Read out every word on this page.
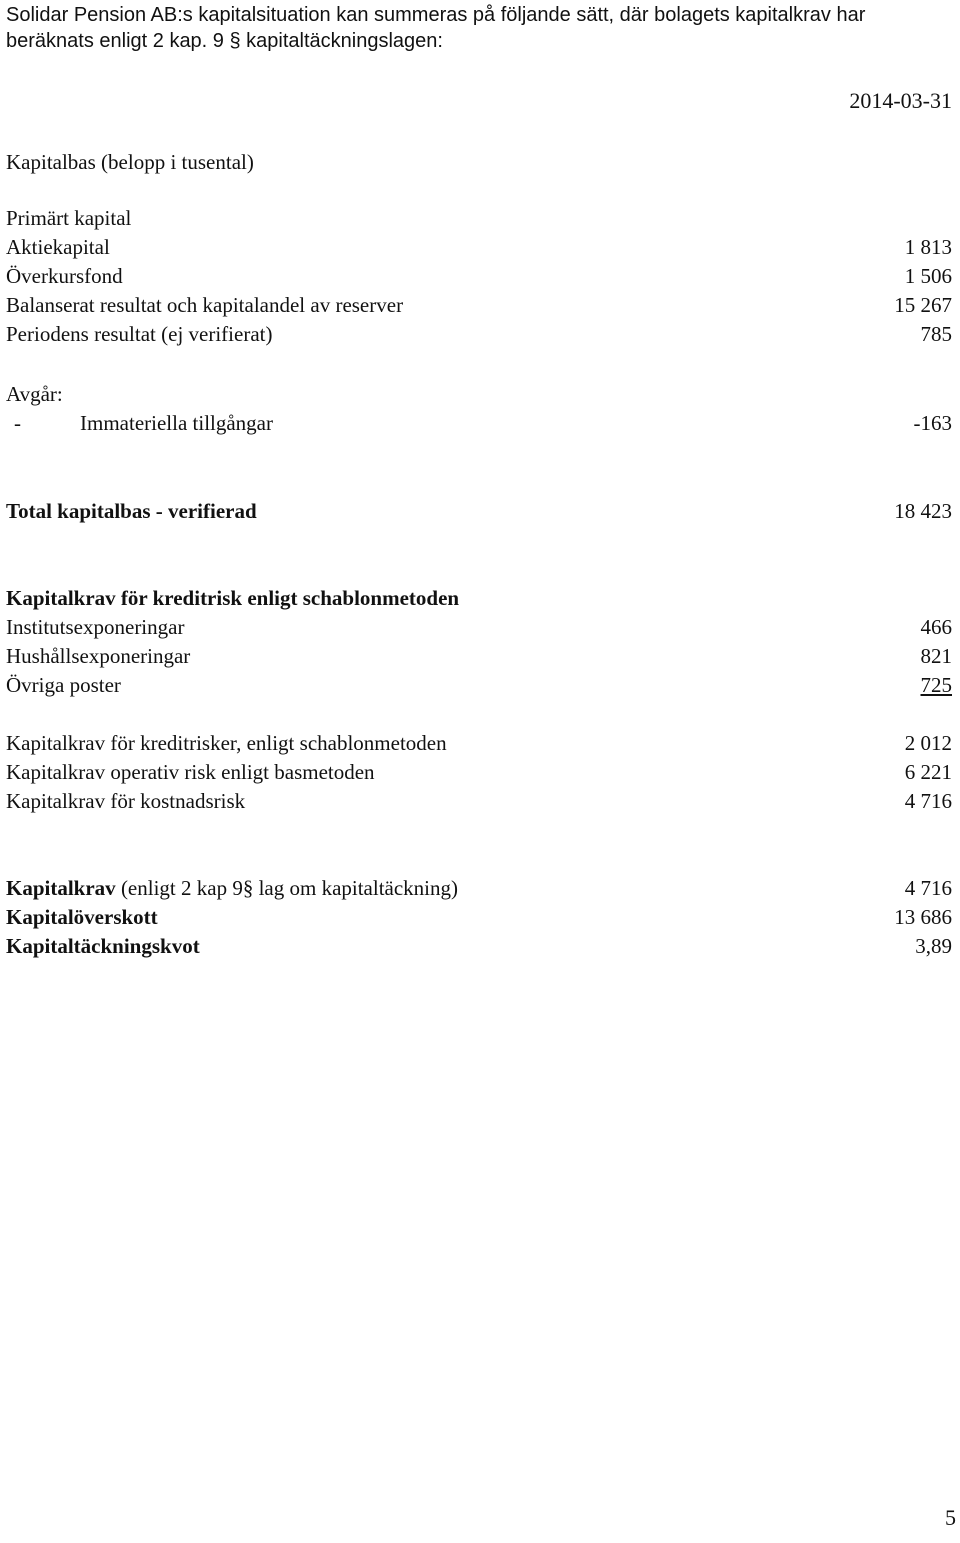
Solidar Pension AB:s kapitalsituation kan summeras på följande sätt, där bolagets kapitalkrav har beräknats enligt 2 kap. 9 § kapitaltäckningslagen:
2014-03-31
Kapitalbas (belopp i tusental)
Primärt kapital
Aktiekapital	1 813
Överkursfond	1 506
Balanserat resultat och kapitalandel av reserver	15 267
Periodens resultat (ej verifierat)	785
Avgår:
-	Immateriella tillgångar	-163
Total kapitalbas - verifierad	18 423
Kapitalkrav för kreditrisk enligt schablonmetoden
Institutsexponeringar	466
Hushållsexponeringar	821
Övriga poster	725
Kapitalkrav för kreditrisker, enligt schablonmetoden	2 012
Kapitalkrav operativ risk enligt basmetoden	6 221
Kapitalkrav för kostnadsrisk	4 716
Kapitalkrav (enligt 2 kap 9§ lag om kapitaltäckning)	4 716
Kapitalöverskott	13 686
Kapitaltäckningskvot	3,89
5
